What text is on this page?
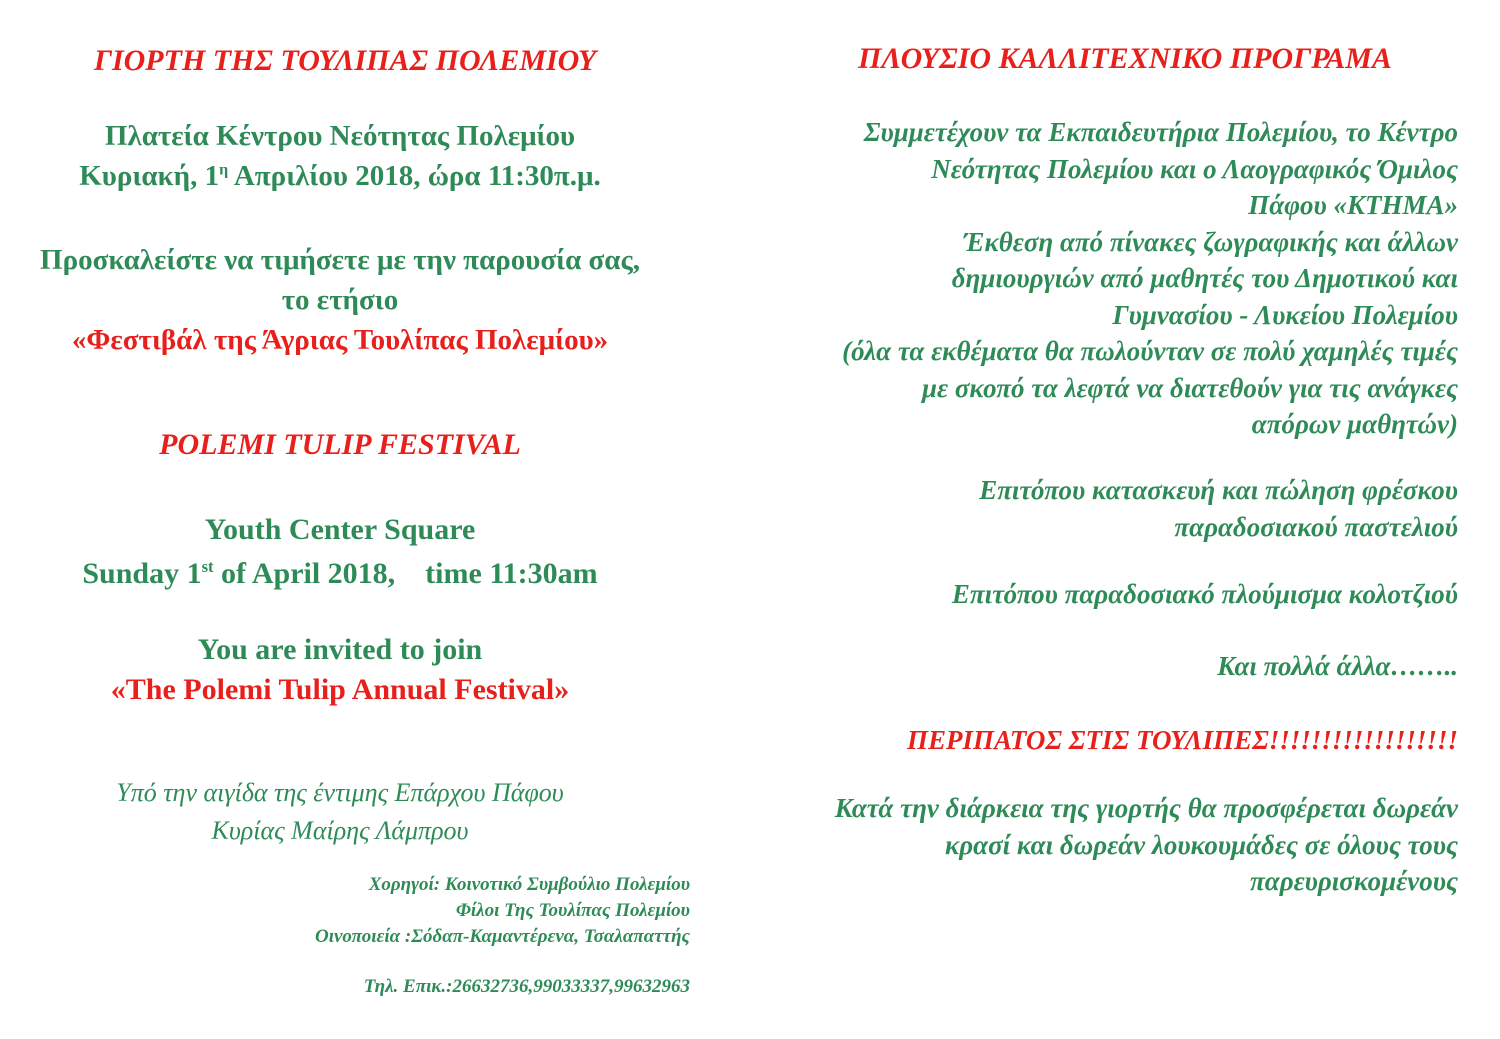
ΓΙΟΡΤΗ ΤΗΣ ΤΟΥΛΙΠΑΣ ΠΟΛΕΜΙΟΥ
Πλατεία Κέντρου Νεότητας Πολεμίου
Κυριακή, $1^\eta$ Απριλίου 2018, ώρα 11:30π.μ.
Προσκαλείστε να τιμήσετε με την παρουσία σας,
το ετήσιο
«Φεστιβάλ της Άγριας Τουλίπας Πολεμίου»
POLEMI TULIP FESTIVAL
Youth Center Square
Sunday 1st of April 2018,    time 11:30am
You are invited to join
«The Polemi Tulip Annual Festival»
Υπό την αιγίδα της έντιμης Επάρχου Πάφου
Κυρίας Μαίρης Λάμπρου
Χορηγοί: Κοινοτικό Συμβούλιο Πολεμίου
Φίλοι Της Τουλίπας Πολεμίου
Οινοποιεία :Σόδαπ-Καμαντέρενα, Τσαλαπαττής
Τηλ. Επικ.:26632736,99033337,99632963
ΠΛΟΥΣΙΟ ΚΑΛΛΙΤΕΧΝΙΚΟ ΠΡΟΓΡΑΜΑ
Συμμετέχουν τα Εκπαιδευτήρια Πολεμίου, το Κέντρο
Νεότητας Πολεμίου και ο Λαογραφικός Όμιλος
Πάφου «ΚΤΗΜΑ»
Έκθεση από πίνακες ζωγραφικής και άλλων
δημιουργιών από μαθητές του Δημοτικού και
Γυμνασίου - Λυκείου Πολεμίου
(όλα τα εκθέματα θα πωλούνταν σε πολύ χαμηλές τιμές
με σκοπό τα λεφτά να διατεθούν για τις ανάγκες
απόρων μαθητών)
Επιτόπου κατασκευή και πώληση φρέσκου
παραδοσιακού παστελιού
Επιτόπου παραδοσιακό πλούμισμα κολοτζιού
Και πολλά άλλα……..
ΠΕΡΙΠΑΤΟΣ ΣΤΙΣ ΤΟΥΛΙΠΕΣ!!!!!!!!!!!!!!!!!!
Κατά την διάρκεια της γιορτής θα προσφέρεται δωρεάν
κρασί και δωρεάν λουκουμάδες σε όλους τους
παρευρισκομένους
